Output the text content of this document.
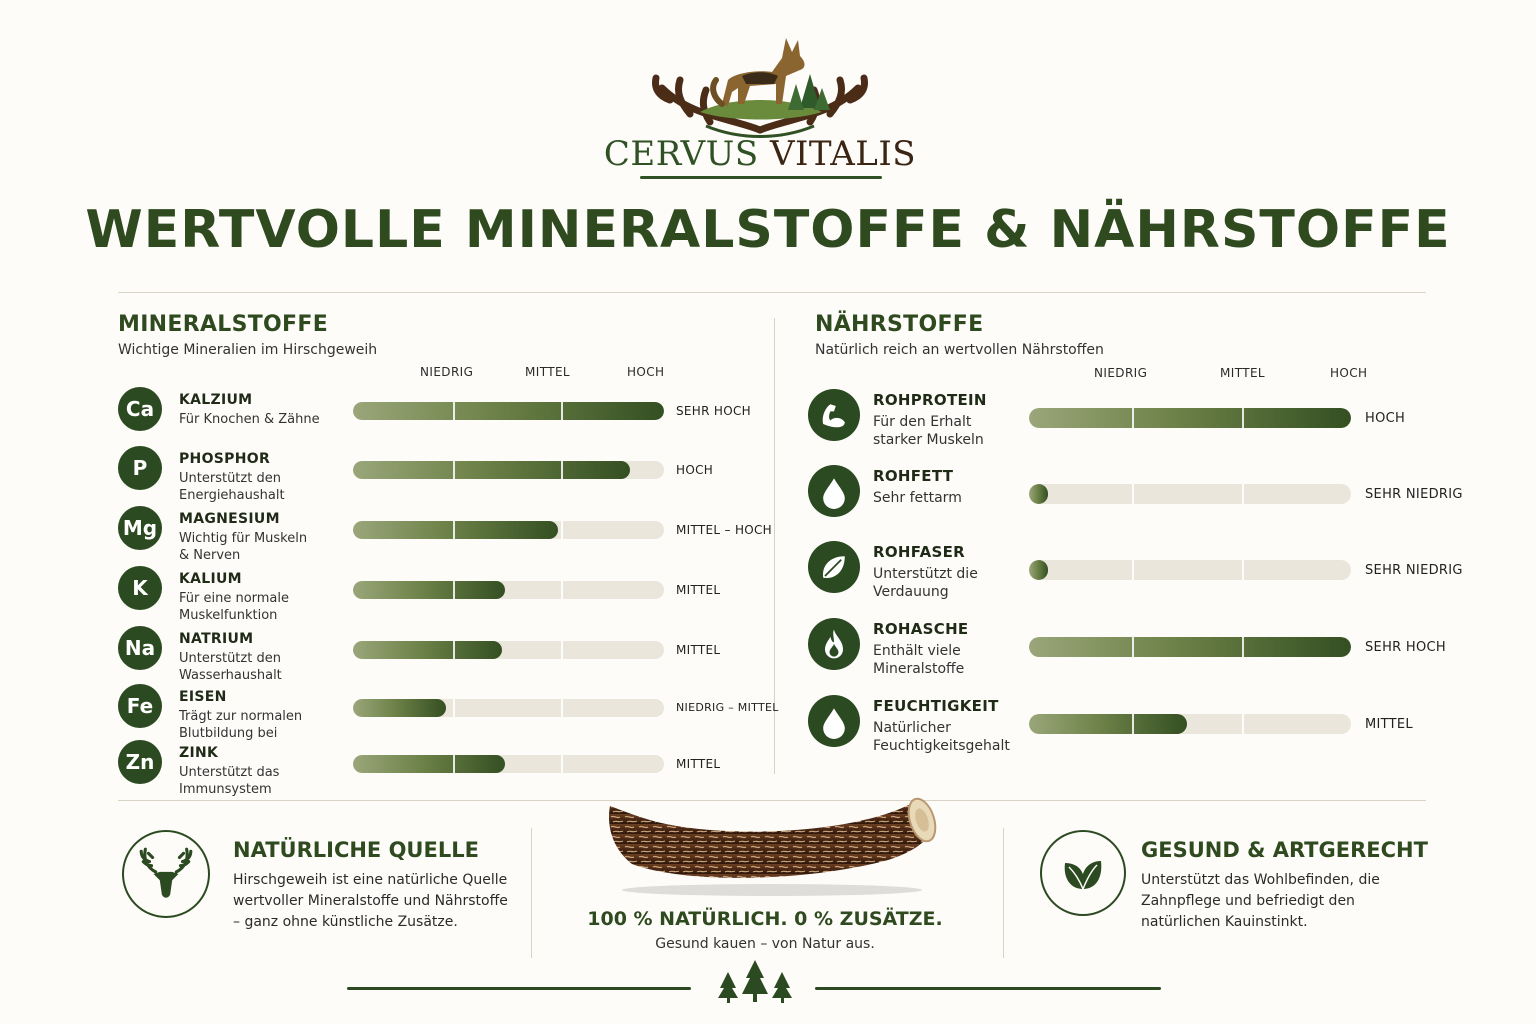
CERVUS VITALIS
WERTVOLLE MINERALSTOFFE & NÄHRSTOFFE
MINERALSTOFFE
Wichtige Mineralien im Hirschgeweih
NIEDRIG	MITTEL	HOCH
Ca	KALZIUM
Für Knochen & Zähne
SEHR HOCH
P	PHOSPHOR
Unterstützt den
Energiehaushalt
HOCH
Mg	MAGNESIUM
Wichtig für Muskeln
& Nerven
MITTEL – HOCH
K	KALIUM
Für eine normale
Muskelfunktion
MITTEL
Na	NATRIUM
Unterstützt den
Wasserhaushalt
MITTEL
Fe	EISEN
Trägt zur normalen
Blutbildung bei
NIEDRIG – MITTEL
Zn	ZINK
Unterstützt das
Immunsystem
MITTEL
NÄHRSTOFFE
Natürlich reich an wertvollen Nährstoffen
NIEDRIG	MITTEL	HOCH
ROHPROTEIN
Für den Erhalt
starker Muskeln
HOCH
ROHFETT
Sehr fettarm	SEHR NIEDRIG
ROHFASER
Unterstützt die
Verdauung
SEHR NIEDRIG
ROHASCHE
Enthält viele
Mineralstoffe
SEHR HOCH
FEUCHTIGKEIT
Natürlicher
Feuchtigkeitsgehalt
MITTEL
NATÜRLICHE QUELLE
Hirschgeweih ist eine natürliche Quelle
wertvoller Mineralstoffe und Nährstoffe
– ganz ohne künstliche Zusätze.	100 % NATÜRLICH. 0 % ZUSÄTZE.
Gesund kauen – von Natur aus.
GESUND & ARTGERECHT
Unterstützt das Wohlbefinden, die
Zahnpflege und befriedigt den
natürlichen Kauinstinkt.
